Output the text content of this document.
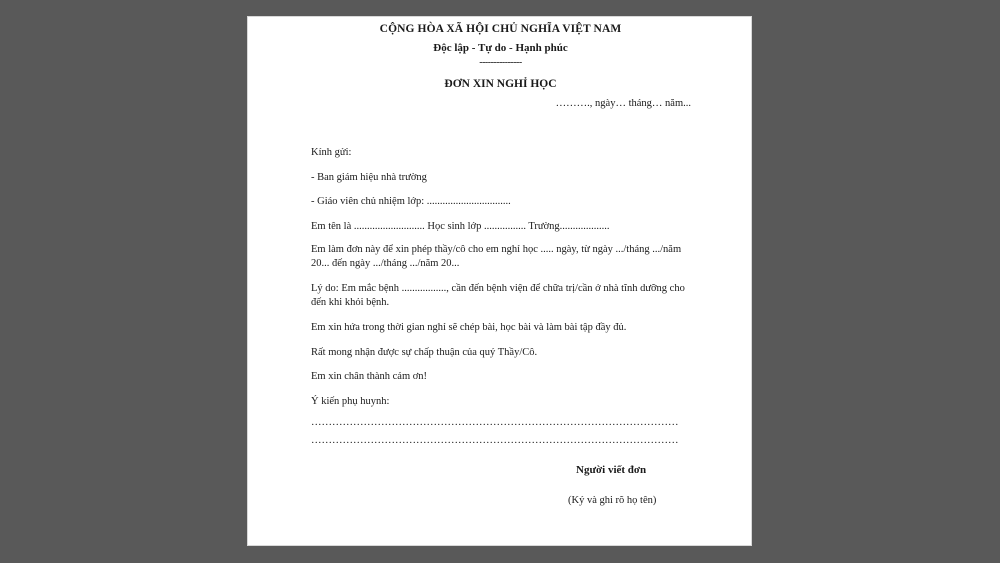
CỘNG HÒA XÃ HỘI CHỦ NGHĨA VIỆT NAM
Độc lập - Tự do - Hạnh phúc
---------------
ĐƠN XIN NGHỈ HỌC
………., ngày… tháng… năm...
Kính gửi:
- Ban giám hiệu nhà trường
- Giáo viên chủ nhiệm lớp: ................................
Em tên là ........................... Học sinh lớp ................ Trường...................
Em làm đơn này để xin phép thầy/cô cho em nghỉ học ..... ngày, từ ngày .../tháng .../năm 20... đến ngày .../tháng .../năm 20...
Lý do: Em mắc bệnh ................., cần đến bệnh viện để chữa trị/cần ở nhà tĩnh dưỡng cho đến khi khỏi bệnh.
Em xin hứa trong thời gian nghỉ sẽ chép bài, học bài và làm bài tập đầy đủ.
Rất mong nhận được sự chấp thuận của quý Thầy/Cô.
Em xin chân thành cảm ơn!
Ý kiến phụ huynh:
……………………………………………………………………………………………
……………………………………………………………………………………………
Người viết đơn
(Ký và ghi rõ họ tên)
